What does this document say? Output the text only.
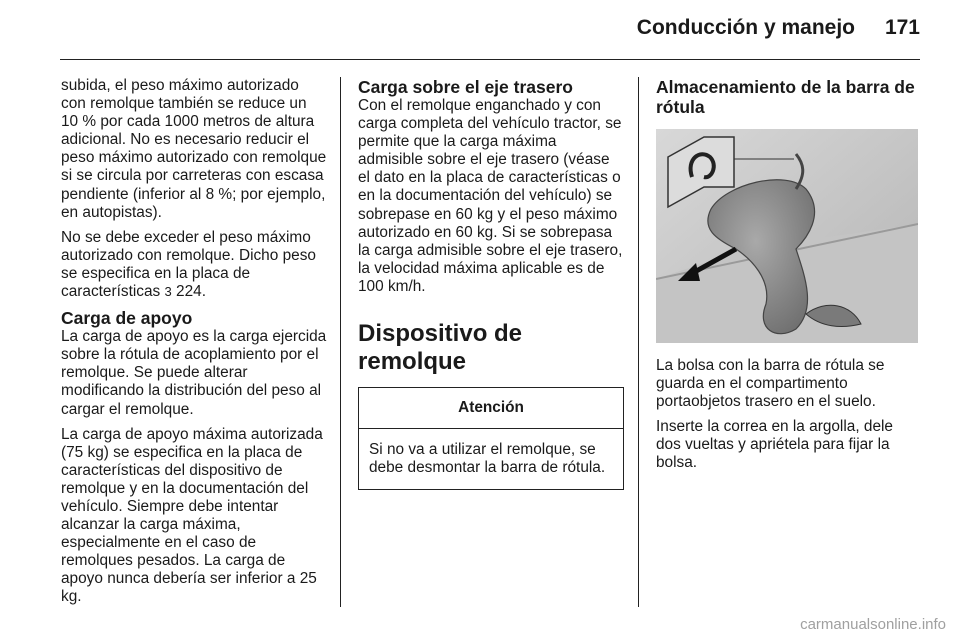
Conducción y manejo 171

subida, el peso máximo autorizado con remolque también se reduce un 10 % por cada 1000 metros de altura adicional. No es necesario reducir el peso máximo autorizado con remolque si se circula por carreteras con escasa pendiente (inferior al 8 %; por ejemplo, en autopistas).

No se debe exceder el peso máximo autorizado con remolque. Dicho peso se especifica en la placa de características 3 224.

Carga de apoyo

La carga de apoyo es la carga ejercida sobre la rótula de acoplamiento por el remolque. Se puede alterar modificando la distribución del peso al cargar el remolque.

La carga de apoyo máxima autorizada (75 kg) se especifica en la placa de características del dispositivo de remolque y en la documentación del vehículo. Siempre debe intentar alcanzar la carga máxima, especialmente en el caso de remolques pesados. La carga de apoyo nunca debería ser inferior a 25 kg.

Carga sobre el eje trasero

Con el remolque enganchado y con carga completa del vehículo tractor, se permite que la carga máxima admisible sobre el eje trasero (véase el dato en la placa de características o en la documentación del vehículo) se sobrepase en 60 kg y el peso máximo autorizado en 60 kg. Si se sobrepasa la carga admisible sobre el eje trasero, la velocidad máxima aplicable es de 100 km/h.

Dispositivo de remolque
Atención
Si no va a utilizar el remolque, se debe desmontar la barra de rótula.
Almacenamiento de la barra de rótula

La bolsa con la barra de rótula se guarda en el compartimento portaobjetos trasero en el suelo.

Inserte la correa en la argolla, dele dos vueltas y apriételа para fijar la bolsa.

carmanualsonline.info
